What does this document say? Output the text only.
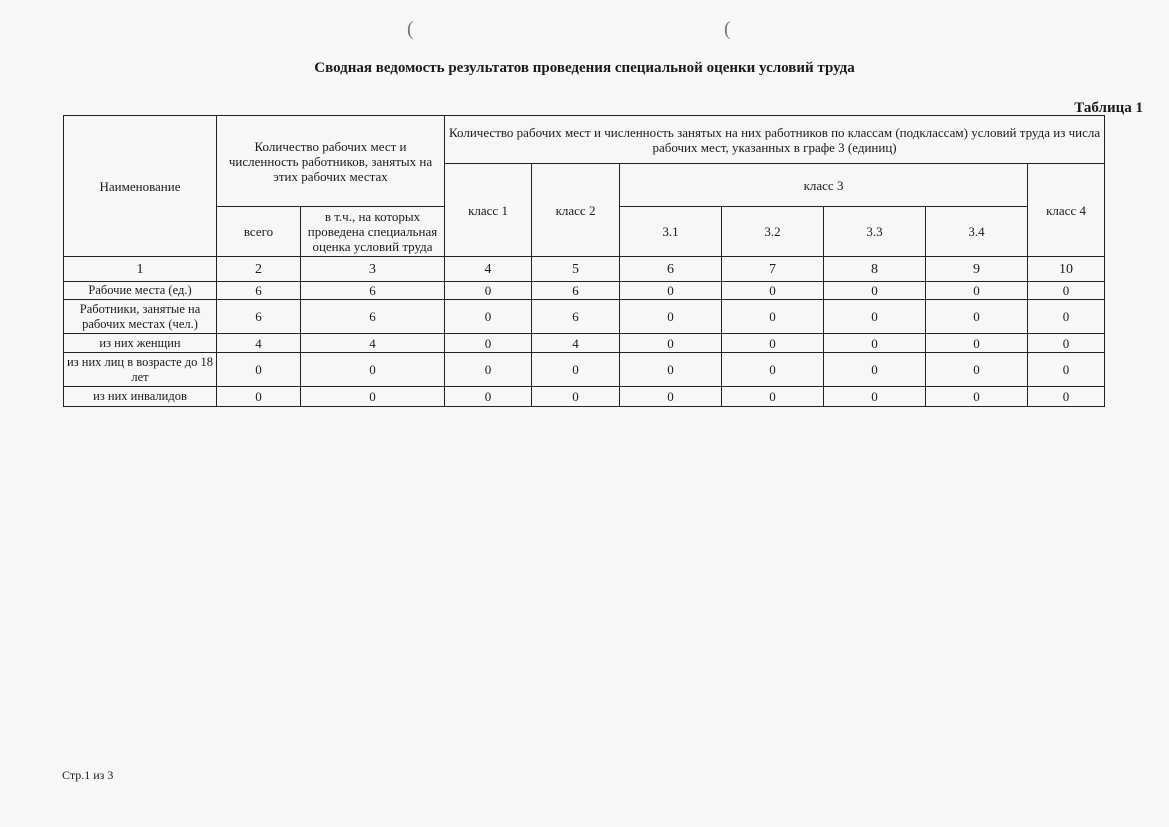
(	(
Сводная ведомость результатов проведения специальной оценки условий труда
Таблица 1
Наименование	Количество рабочих мест и численность работников, занятых на этих рабочих местах		Количество рабочих мест и численность занятых на них работников по классам (подклассам) условий труда из числа рабочих мест, указанных в графе 3 (единиц)						
			класс 1	класс 2	класс 3				класс 4
	всего	в т.ч., на которых проведена специальная оценка условий труда			3.1	3.2	3.3	3.4	
1	2	3	4	5	6	7	8	9	10
Рабочие места (ед.)	6	6	0	6	0	0	0	0	0
Работники, занятые на рабочих местах (чел.)	6	6	0	6	0	0	0	0	0
из них женщин	4	4	0	4	0	0	0	0	0
из них лиц в возрасте до 18 лет	0	0	0	0	0	0	0	0	0
из них инвалидов	0	0	0	0	0	0	0	0	0
Стр.1 из 3
